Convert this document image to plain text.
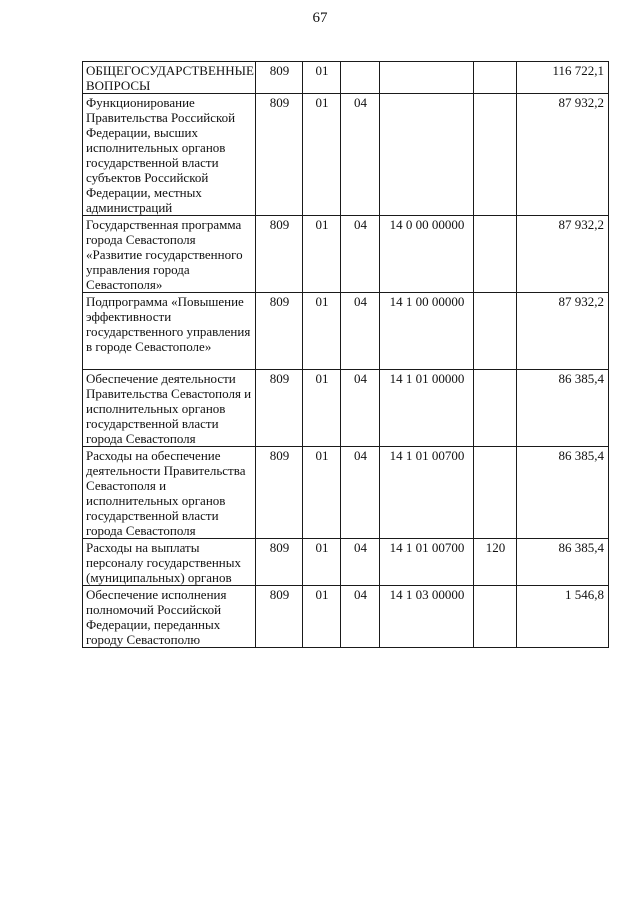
67
ОБЩЕГОСУДАРСТВЕННЫЕ ВОПРОСЫ	809	01				116 722,1
Функционирование Правительства Российской Федерации, высших исполнительных органов государственной власти субъектов Российской Федерации, местных администраций	809	01	04			87 932,2
Государственная программа города Севастополя «Развитие государственного управления города Севастополя»	809	01	04	14 0 00 00000		87 932,2
Подпрограмма «Повышение эффективности государственного управления в городе Севастополе»	809	01	04	14 1 00 00000		87 932,2
Обеспечение деятельности Правительства Севастополя и исполнительных органов государственной власти города Севастополя	809	01	04	14 1 01 00000		86 385,4
Расходы на обеспечение деятельности Правительства Севастополя и исполнительных органов государственной власти города Севастополя	809	01	04	14 1 01 00700		86 385,4
Расходы на выплаты персоналу государственных (муниципальных) органов	809	01	04	14 1 01 00700	120	86 385,4
Обеспечение исполнения полномочий Российской Федерации, переданных городу Севастополю	809	01	04	14 1 03 00000		1 546,8
